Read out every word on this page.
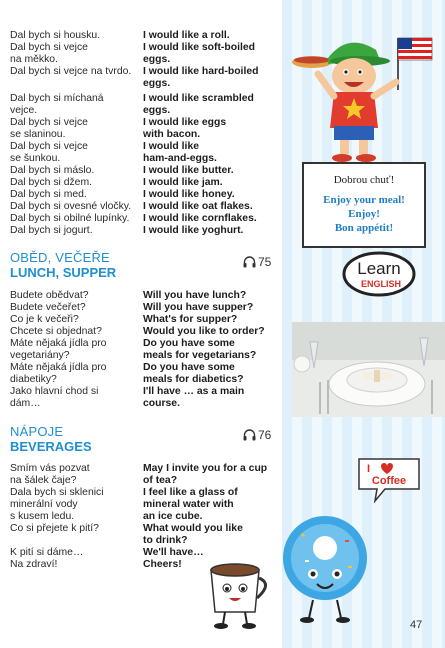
Dal bych si housku.	I would like a roll.
Dal bych si vejce	I would like soft-boiled
na měkko.	eggs.
Dal bych si vejce na tvrdo.	I would like hard-boiled
eggs.
Dal bych si míchaná	I would like scrambled
vejce.	eggs.
Dal bych si vejce	I would like eggs
se slaninou.	with bacon.
Dal bych si vejce	I would like
se šunkou.	ham-and-eggs.
Dal bych si máslo.	I would like butter.
Dal bych si džem.	I would like jam.
Dal bych si med.	I would like honey.
Dal bych si ovesné vločky.	I would like oat flakes.
Dal bych si obilné lupínky.	I would like cornflakes.
Dal bych si jogurt.	I would like yoghurt.
OBĚD, VEČEŘE
LUNCH, SUPPER
75
Budete obědvat?	Will you have lunch?
Budete večeřet?	Will you have supper?
Co je k večeři?	What's for supper?
Chcete si objednat?	Would you like to order?
Máte nějaká jídla pro	Do you have some
vegetariány?	meals for vegetarians?
Máte nějaká jídla pro	Do you have some
diabetiky?	meals for diabetics?
Jako hlavní chod si	I'll have … as a main
dám…	course.
NÁPOJE
BEVERAGES
76
Smím vás pozvat	May I invite you for a cup
na šálek čaje?	of tea?
Dala bych si sklenici	I feel like a glass of
minerální vody	mineral water with
s kusem ledu.	an ice cube.
Co si přejete k pití?	What would you like
to drink?
K pití si dáme…	We'll have…
Na zdraví!	Cheers!
Dobrou chuť!
Enjoy your meal!
Enjoy!
Bon appétit!
Learn
ENGLISH
I
Coffee
47
